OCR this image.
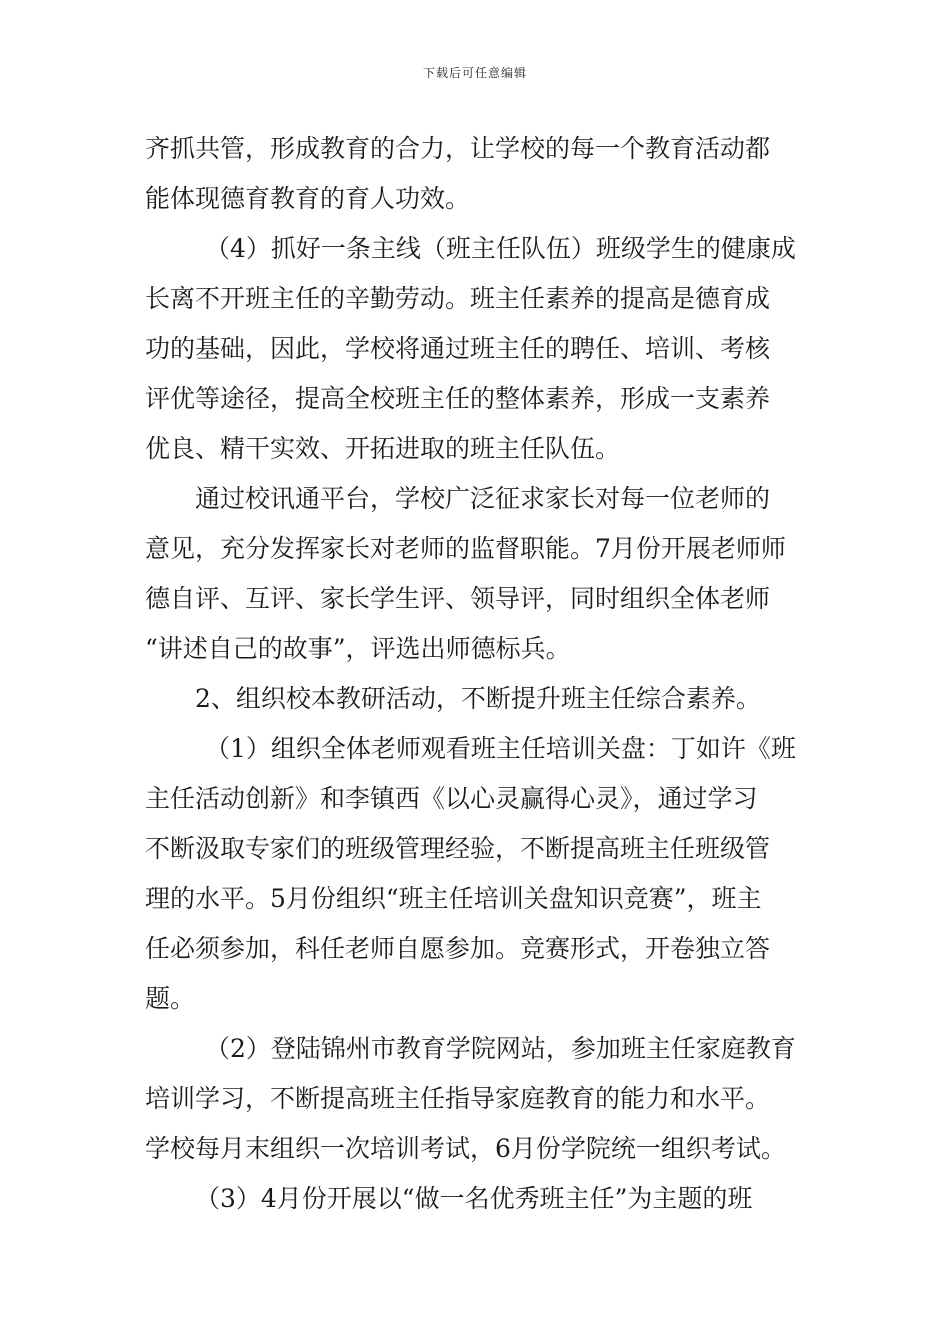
下载后可任意编辑
齐抓共管，形成教育的合力，让学校的每一个教育活动都
能体现德育教育的育人功效。
（4）抓好一条主线（班主任队伍）班级学生的健康成
长离不开班主任的辛勤劳动。班主任素养的提高是德育成
功的基础，因此，学校将通过班主任的聘任、培训、考核
评优等途径，提高全校班主任的整体素养，形成一支素养
优良、精干实效、开拓进取的班主任队伍。
通过校讯通平台，学校广泛征求家长对每一位老师的
意见，充分发挥家长对老师的监督职能。7月份开展老师师
德自评、互评、家长学生评、领导评，同时组织全体老师
“讲述自己的故事”，评选出师德标兵。
2、组织校本教研活动，不断提升班主任综合素养。
（1）组织全体老师观看班主任培训关盘：丁如许《班
主任活动创新》和李镇西《以心灵赢得心灵》，通过学习
不断汲取专家们的班级管理经验，不断提高班主任班级管
理的水平。5月份组织“班主任培训关盘知识竞赛”，班主
任必须参加，科任老师自愿参加。竞赛形式，开卷独立答
题。
（2）登陆锦州市教育学院网站，参加班主任家庭教育
培训学习，不断提高班主任指导家庭教育的能力和水平。
学校每月末组织一次培训考试，6月份学院统一组织考试。
（3）4月份开展以“做一名优秀班主任”为主题的班
